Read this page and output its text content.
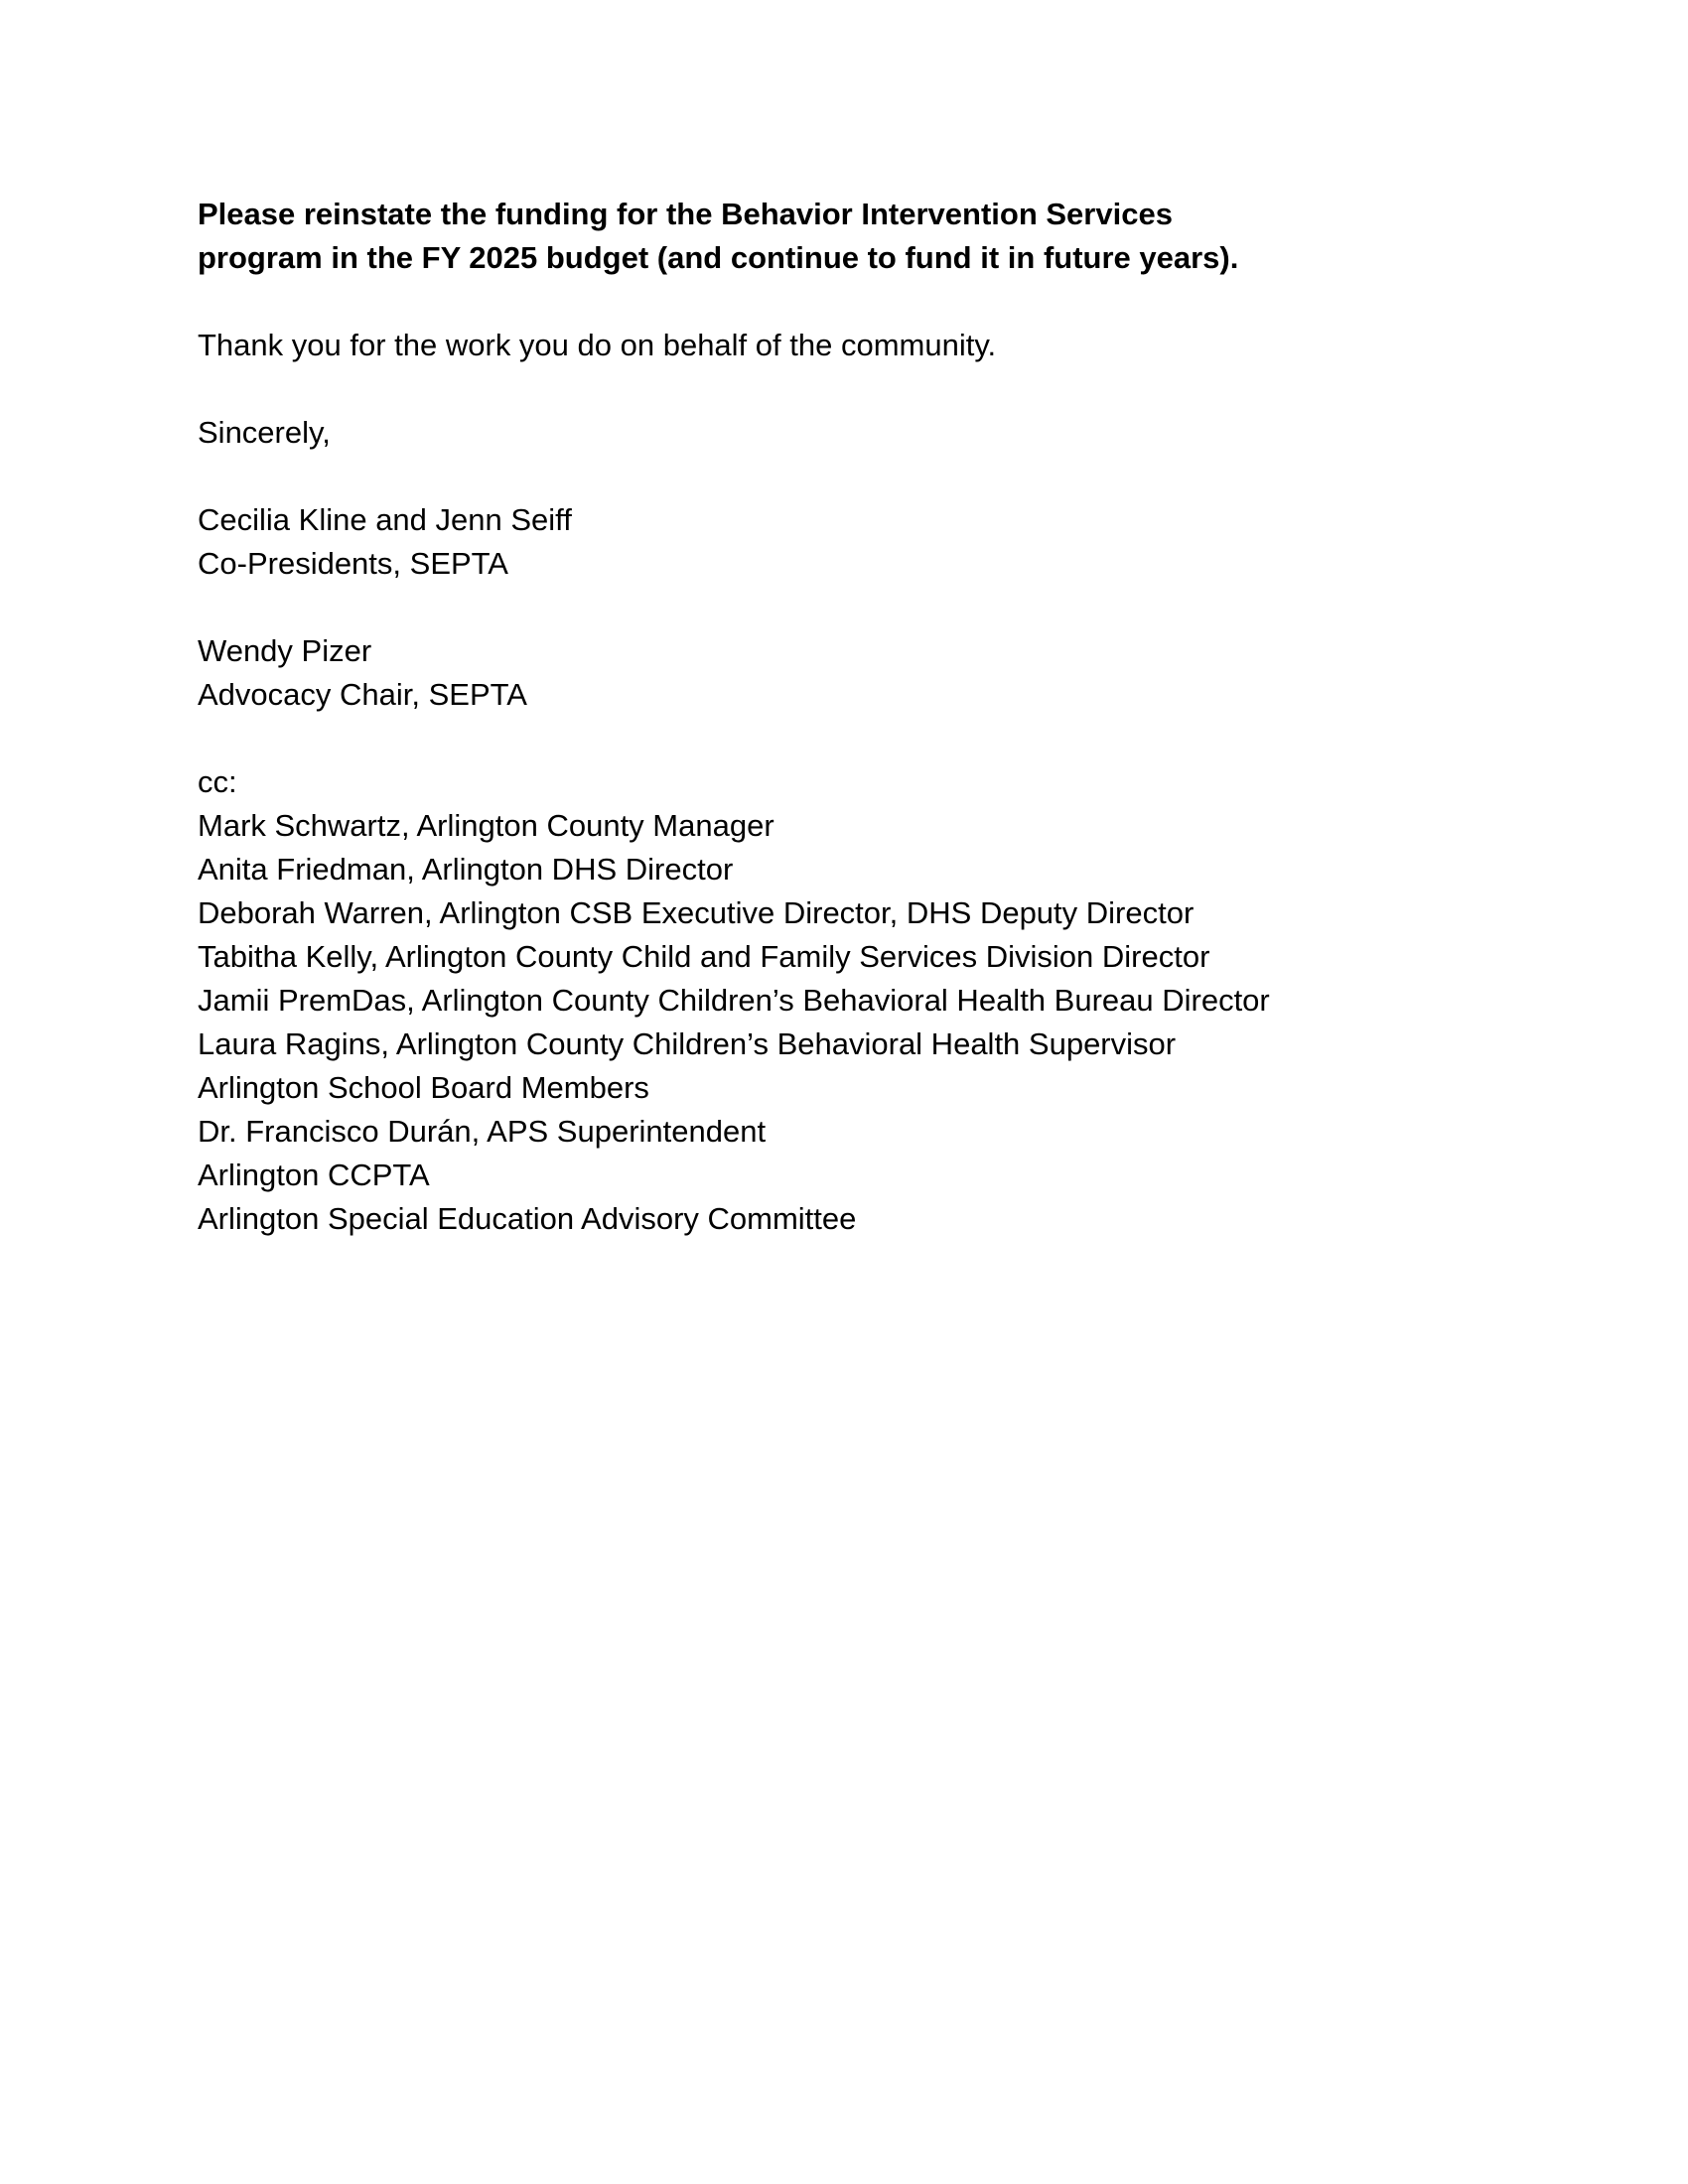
Please reinstate the funding for the Behavior Intervention Services
program in the FY 2025 budget (and continue to fund it in future years).

Thank you for the work you do on behalf of the community.

Sincerely,

Cecilia Kline and Jenn Seiff
Co-Presidents, SEPTA
Wendy Pizer
Advocacy Chair, SEPTA
cc:
Mark Schwartz, Arlington County Manager
Anita Friedman, Arlington DHS Director
Deborah Warren, Arlington CSB Executive Director, DHS Deputy Director
Tabitha Kelly, Arlington County Child and Family Services Division Director
Jamii PremDas, Arlington County Children’s Behavioral Health Bureau Director
Laura Ragins, Arlington County Children’s Behavioral Health Supervisor
Arlington School Board Members
Dr. Francisco Durán, APS Superintendent
Arlington CCPTA
Arlington Special Education Advisory Committee
